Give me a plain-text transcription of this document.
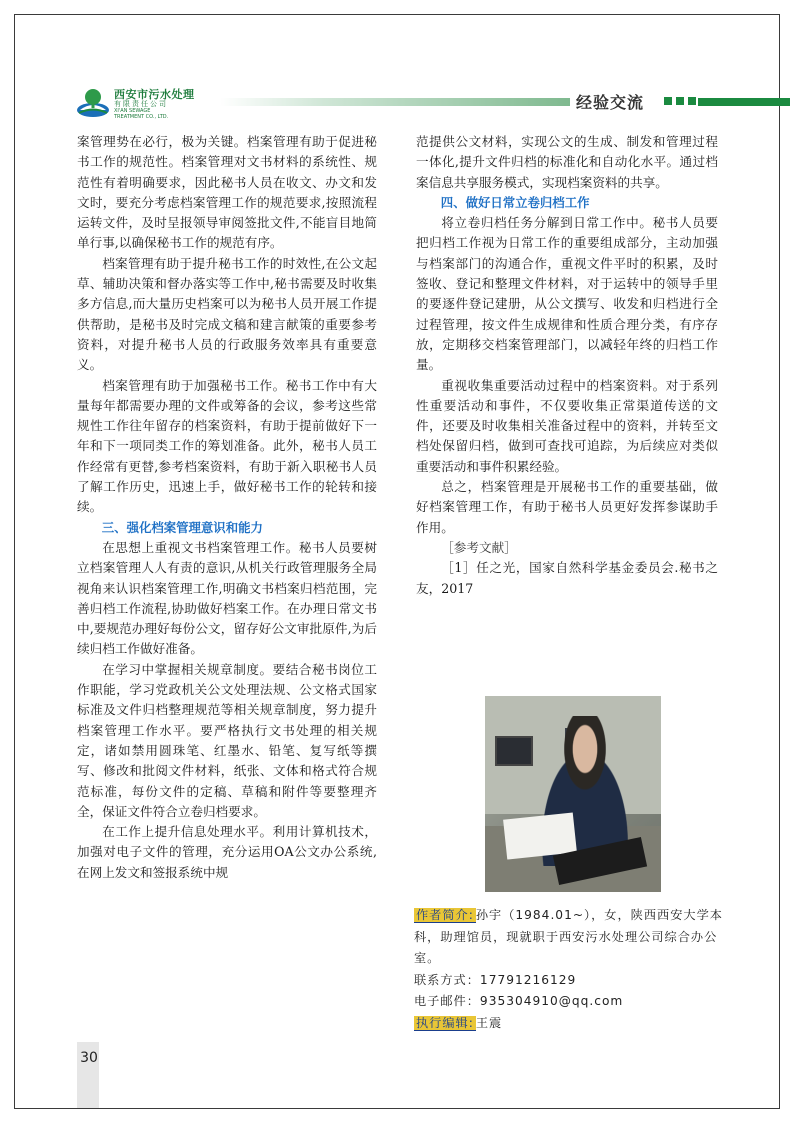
西安市污水处理
有限责任公司
XI'AN SEWAGE TREATMENT CO., LTD.
经验交流

案管理势在必行，极为关键。档案管理有助于促进秘书工作的规范性。档案管理对文书材料的系统性、规范性有着明确要求，因此秘书人员在收文、办文和发文时，要充分考虑档案管理工作的规范要求,按照流程运转文件，及时呈报领导审阅签批文件,不能盲目地简单行事,以确保秘书工作的规范有序。

档案管理有助于提升秘书工作的时效性,在公文起草、辅助决策和督办落实等工作中,秘书需要及时收集多方信息,而大量历史档案可以为秘书人员开展工作提供帮助，是秘书及时完成文稿和建言献策的重要参考资料，对提升秘书人员的行政服务效率具有重要意义。

档案管理有助于加强秘书工作。秘书工作中有大量每年都需要办理的文件或筹备的会议，参考这些常规性工作往年留存的档案资料，有助于提前做好下一年和下一项同类工作的筹划准备。此外，秘书人员工作经常有更替,参考档案资料，有助于新入职秘书人员了解工作历史，迅速上手，做好秘书工作的轮转和接续。

三、强化档案管理意识和能力

在思想上重视文书档案管理工作。秘书人员要树立档案管理人人有责的意识,从机关行政管理服务全局视角来认识档案管理工作,明确文书档案归档范围，完善归档工作流程,协助做好档案工作。在办理日常文书中,要规范办理好每份公文，留存好公文审批原件,为后续归档工作做好准备。

在学习中掌握相关规章制度。要结合秘书岗位工作职能，学习党政机关公文处理法规、公文格式国家标准及文件归档整理规范等相关规章制度，努力提升档案管理工作水平。要严格执行文书处理的相关规定，诸如禁用圆珠笔、红墨水、铅笔、复写纸等撰写、修改和批阅文件材料，纸张、文体和格式符合规范标准，每份文件的定稿、草稿和附件等要整理齐全，保证文件符合立卷归档要求。

在工作上提升信息处理水平。利用计算机技术，加强对电子文件的管理，充分运用OA公文办公系统,在网上发文和签报系统中规

范提供公文材料，实现公文的生成、制发和管理过程一体化,提升文件归档的标准化和自动化水平。通过档案信息共享服务模式，实现档案资料的共享。

四、做好日常立卷归档工作

将立卷归档任务分解到日常工作中。秘书人员要把归档工作视为日常工作的重要组成部分，主动加强与档案部门的沟通合作，重视文件平时的积累，及时签收、登记和整理文件材料，对于运转中的领导手里的要逐件登记建册，从公文撰写、收发和归档进行全过程管理，按文件生成规律和性质合理分类，有序存放，定期移交档案管理部门，以减轻年终的归档工作量。

重视收集重要活动过程中的档案资料。对于系列性重要活动和事件，不仅要收集正常渠道传送的文件，还要及时收集相关准备过程中的资料，并转至文档处保留归档，做到可查找可追踪，为后续应对类似重要活动和事件积累经验。

总之，档案管理是开展秘书工作的重要基础，做好档案管理工作，有助于秘书人员更好发挥参谋助手作用。

［参考文献］

［1］任之光，国家自然科学基金委员会.秘书之友，2017

作者简介: 孙宇（1984.01~），女，陕西西安大学本科，助理馆员，现就职于西安污水处理公司综合办公室。

联系方式：17791216129

电子邮件：935304910@qq.com

执行编辑: 王震

30
